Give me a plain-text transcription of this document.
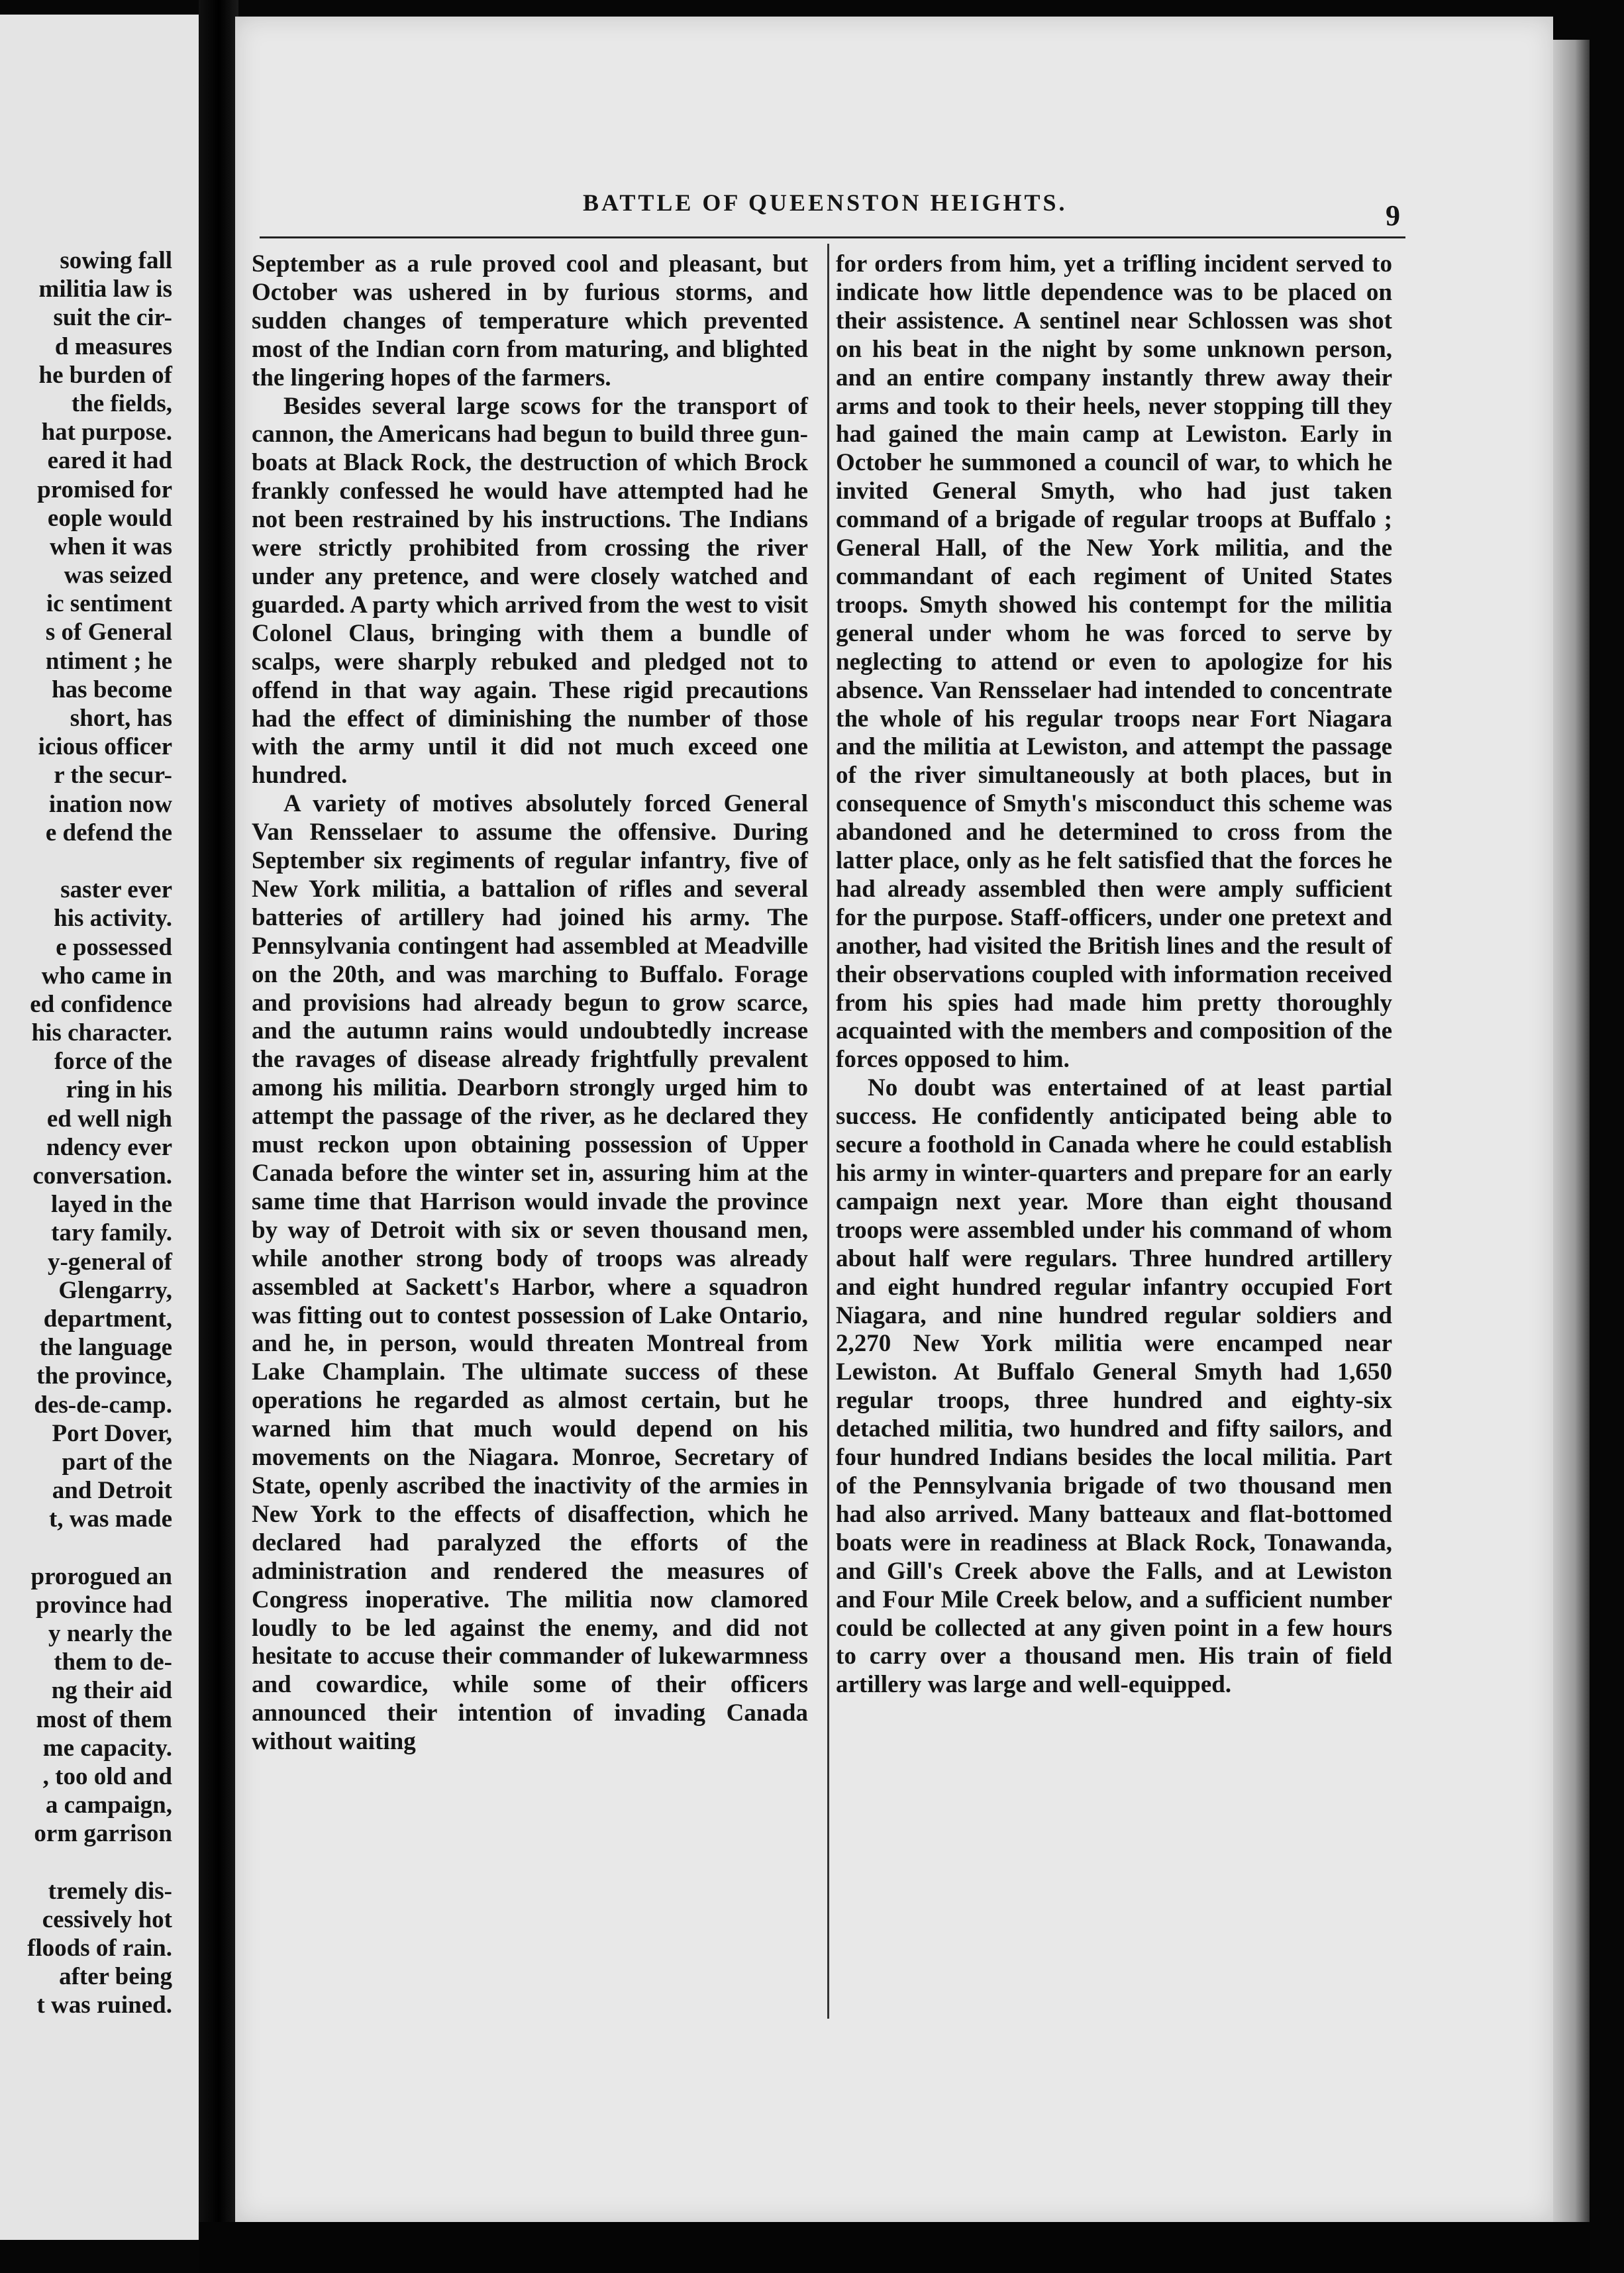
sowing fall
militia law is
suit the cir-
d measures
he burden of
the fields,
hat purpose.
eared it had
promised for
eople would
when it was
was seized
ic sentiment
s of General
ntiment ; he
has become
short, has
icious officer
r the secur-
ination now
e defend the
saster ever
his activity.
e possessed
who came in
ed confidence
his character.
force of the
ring in his
ed well nigh
ndency ever
conversation.
layed in the
tary family.
y-general of
Glengarry,
department,
the language
the province,
des-de-camp.
Port Dover,
part of the
and Detroit
t, was made
prorogued an
province had
y nearly the
them to de-
ng their aid
most of them
me capacity.
, too old and
a campaign,
orm garrison
tremely dis-
cessively hot
floods of rain.
after being
t was ruined.
BATTLE OF QUEENSTON HEIGHTS.	9

September as a rule proved cool and pleasant, but October was ushered in by furious storms, and sudden changes of temperature which prevented most of the Indian corn from maturing, and blighted the lingering hopes of the farmers.

Besides several large scows for the transport of cannon, the Americans had begun to build three gun-boats at Black Rock, the destruction of which Brock frankly confessed he would have attempted had he not been restrained by his instructions. The Indians were strictly prohibited from crossing the river under any pretence, and were closely watched and guarded. A party which arrived from the west to visit Colonel Claus, bringing with them a bundle of scalps, were sharply rebuked and pledged not to offend in that way again. These rigid precautions had the effect of diminishing the number of those with the army until it did not much exceed one hundred.

A variety of motives absolutely forced General Van Rensselaer to assume the offensive. During September six regiments of regular infantry, five of New York militia, a battalion of rifles and several batteries of artillery had joined his army. The Pennsylvania contingent had assembled at Meadville on the 20th, and was marching to Buffalo. Forage and provisions had already begun to grow scarce, and the autumn rains would undoubtedly increase the ravages of disease already frightfully prevalent among his militia. Dearborn strongly urged him to attempt the passage of the river, as he declared they must reckon upon obtaining possession of Upper Canada before the winter set in, assuring him at the same time that Harrison would invade the province by way of Detroit with six or seven thousand men, while another strong body of troops was already assembled at Sackett's Harbor, where a squadron was fitting out to contest possession of Lake Ontario, and he, in person, would threaten Montreal from Lake Champlain. The ultimate success of these operations he regarded as almost certain, but he warned him that much would depend on his movements on the Niagara. Monroe, Secretary of State, openly ascribed the inactivity of the armies in New York to the effects of disaffection, which he declared had paralyzed the efforts of the administration and rendered the measures of Congress inoperative. The militia now clamored loudly to be led against the enemy, and did not hesitate to accuse their commander of lukewarmness and cowardice, while some of their officers announced their intention of invading Canada without waiting

for orders from him, yet a trifling incident served to indicate how little dependence was to be placed on their assistence. A sentinel near Schlossen was shot on his beat in the night by some unknown person, and an entire company instantly threw away their arms and took to their heels, never stopping till they had gained the main camp at Lewiston. Early in October he summoned a council of war, to which he invited General Smyth, who had just taken command of a brigade of regular troops at Buffalo ; General Hall, of the New York militia, and the commandant of each regiment of United States troops. Smyth showed his contempt for the militia general under whom he was forced to serve by neglecting to attend or even to apologize for his absence. Van Rensselaer had intended to concentrate the whole of his regular troops near Fort Niagara and the militia at Lewiston, and attempt the passage of the river simultaneously at both places, but in consequence of Smyth's misconduct this scheme was abandoned and he determined to cross from the latter place, only as he felt satisfied that the forces he had already assembled then were amply sufficient for the purpose. Staff-officers, under one pretext and another, had visited the British lines and the result of their observations coupled with information received from his spies had made him pretty thoroughly acquainted with the members and composition of the forces opposed to him.

No doubt was entertained of at least partial success. He confidently anticipated being able to secure a foothold in Canada where he could establish his army in winter-quarters and prepare for an early campaign next year. More than eight thousand troops were assembled under his command of whom about half were regulars. Three hundred artillery and eight hundred regular infantry occupied Fort Niagara, and nine hundred regular soldiers and 2,270 New York militia were encamped near Lewiston. At Buffalo General Smyth had 1,650 regular troops, three hundred and eighty-six detached militia, two hundred and fifty sailors, and four hundred Indians besides the local militia. Part of the Pennsylvania brigade of two thousand men had also arrived. Many batteaux and flat-bottomed boats were in readiness at Black Rock, Tonawanda, and Gill's Creek above the Falls, and at Lewiston and Four Mile Creek below, and a sufficient number could be collected at any given point in a few hours to carry over a thousand men. His train of field artillery was large and well-equipped.
